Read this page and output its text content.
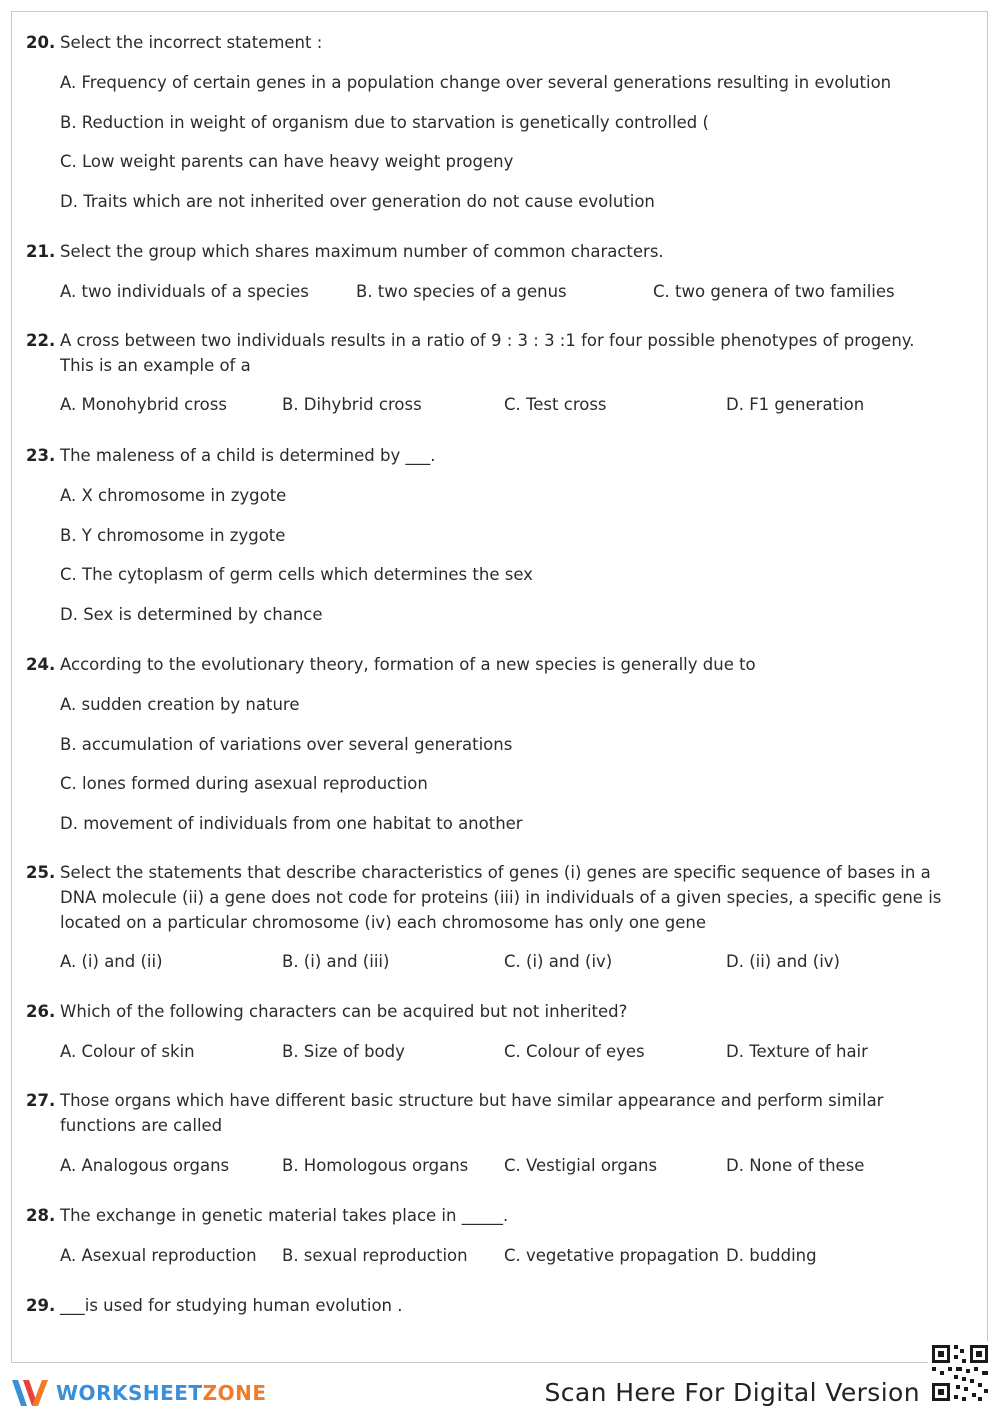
20. Select the incorrect statement :
A. Frequency of certain genes in a population change over several generations resulting in evolution
B. Reduction in weight of organism due to starvation is genetically controlled (
C. Low weight parents can have heavy weight progeny
D. Traits which are not inherited over generation do not cause evolution
21. Select the group which shares maximum number of common characters.
A. two individuals of a species	B. two species of a genus	C. two genera of two families
22. A cross between two individuals results in a ratio of 9 : 3 : 3 :1 for four possible phenotypes of progeny. This is an example of a
A. Monohybrid cross	B. Dihybrid cross	C. Test cross	D. F1 generation
23. The maleness of a child is determined by ___.
A. X chromosome in zygote
B. Y chromosome in zygote
C. The cytoplasm of germ cells which determines the sex
D. Sex is determined by chance
24. According to the evolutionary theory, formation of a new species is generally due to
A. sudden creation by nature
B. accumulation of variations over several generations
C. lones formed during asexual reproduction
D. movement of individuals from one habitat to another
25. Select the statements that describe characteristics of genes (i) genes are specific sequence of bases in a DNA molecule (ii) a gene does not code for proteins (iii) in individuals of a given species, a specific gene is located on a particular chromosome (iv) each chromosome has only one gene
A. (i) and (ii)	B. (i) and (iii)	C. (i) and (iv)	D. (ii) and (iv)
26. Which of the following characters can be acquired but not inherited?
A. Colour of skin	B. Size of body	C. Colour of eyes	D. Texture of hair
27. Those organs which have different basic structure but have similar appearance and perform similar functions are called
A. Analogous organs	B. Homologous organs	C. Vestigial organs	D. None of these
28. The exchange in genetic material takes place in _____.
A. Asexual reproduction	B. sexual reproduction	C. vegetative propagation D. budding
29. ___is used for studying human evolution .
WORKSHEETZONE	Scan Here For Digital Version
